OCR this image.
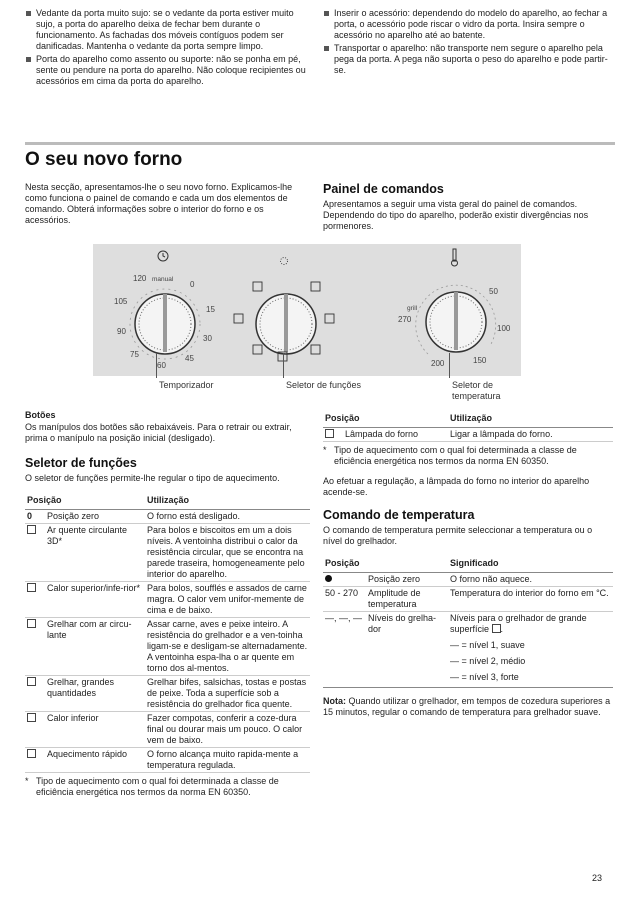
Vedante da porta muito sujo: se o vedante da porta estiver muito sujo, a porta do aparelho deixa de fechar bem durante o funcionamento. As fachadas dos móveis contíguos podem ser danificadas. Mantenha o vedante da porta sempre limpo.
Porta do aparelho como assento ou suporte: não se ponha em pé, sente ou pendure na porta do aparelho. Não coloque recipientes ou acessórios em cima da porta do aparelho.
Inserir o acessório: dependendo do modelo do aparelho, ao fechar a porta, o acessório pode riscar o vidro da porta. Insira sempre o acessório no aparelho até ao batente.
Transportar o aparelho: não transporte nem segure o aparelho pela pega da porta. A pega não suporta o peso do aparelho e pode partir-se.
O seu novo forno
Nesta secção, apresentamos-lhe o seu novo forno. Explicamos-lhe como funciona o painel de comando e cada um dos elementos de comando. Obterá informações sobre o interior do forno e os acessórios.
Painel de comandos
Apresentamos a seguir uma vista geral do painel de comandos. Dependendo do tipo do aparelho, poderão existir divergências nos pormenores.
120 manual
0
15
30
45
60
75
90
105
grill
50
100
150
200
270
Temporizador	Seletor de funções	Seletor de temperatura
Botões
Os manípulos dos botões são rebaixáveis. Para o retrair ou extrair, prima o manípulo na posição inicial (desligado).
Seletor de funções
O seletor de funções permite-lhe regular o tipo de aquecimento.
Posição		Utilização
0	Posição zero	O forno está desligado.
	Ar quente circulante 3D*	Para bolos e biscoitos em um a dois níveis. A ventoinha distribui o calor da resistência circular, que se encontra na parede traseira, homogeneamente pelo interior do aparelho.
	Calor superior/infe-rior*	Para bolos, soufflés e assados de carne magra. O calor vem unifor-memente de cima e de baixo.
	Grelhar com ar circu-lante	Assar carne, aves e peixe inteiro. A resistência do grelhador e a ven-toinha ligam-se e desligam-se alternadamente. A ventoinha espa-lha o ar quente em torno dos al-mentos.
	Grelhar, grandes quantidades	Grelhar bifes, salsichas, tostas e postas de peixe. Toda a superfície sob a resistência do grelhador fica quente.
	Calor inferior	Fazer compotas, conferir a coze-dura final ou dourar mais um pouco. O calor vem de baixo.
	Aquecimento rápido	O forno alcança muito rapida-mente a temperatura regulada.
* Tipo de aquecimento com o qual foi determinada a classe de eficiência energética nos termos da norma EN 60350.
Posição		Utilização
	Lâmpada do forno	Ligar a lâmpada do forno.
* Tipo de aquecimento com o qual foi determinada a classe de eficiência energética nos termos da norma EN 60350.
Ao efetuar a regulação, a lâmpada do forno no interior do aparelho acende-se.
Comando de temperatura
O comando de temperatura permite seleccionar a temperatura ou o nível do grelhador.
Posição		Significado
	Posição zero	O forno não aquece.
50 - 270	Amplitude de temperatura	Temperatura do interior do forno em °C.
—, —, —	Níveis do grelha-dor	Níveis para o grelhador de grande superfície .

— = nível 1, suave
— = nível 2, médio
— = nível 3, forte
Nota: Quando utilizar o grelhador, em tempos de cozedura superiores a 15 minutos, regular o comando de temperatura para grelhador suave.
23
